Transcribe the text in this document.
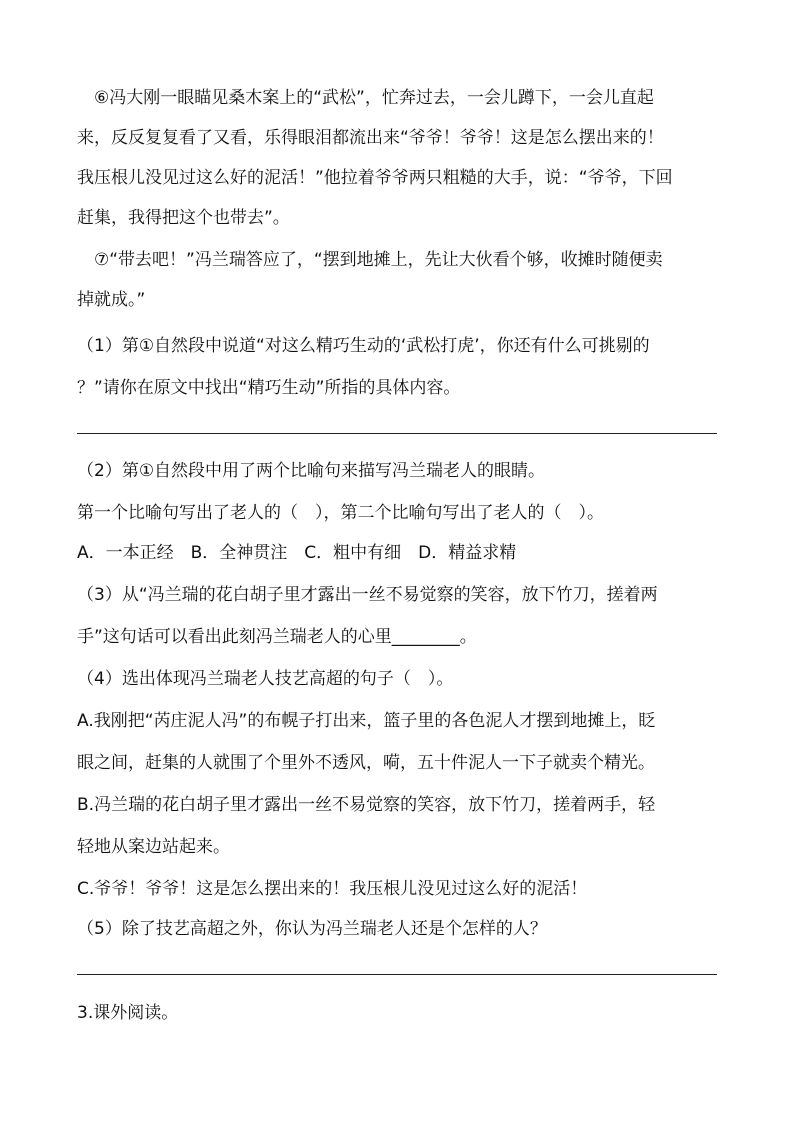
　⑥冯大刚一眼瞄见桑木案上的“武松”，忙奔过去，一会儿蹲下，一会儿直起
来，反反复复看了又看，乐得眼泪都流出来“爷爷！爷爷！这是怎么摆出来的！
我压根儿没见过这么好的泥活！”他拉着爷爷两只粗糙的大手，说：“爷爷，下回
赶集，我得把这个也带去”。
　⑦“带去吧！”冯兰瑞答应了，“摆到地摊上，先让大伙看个够，收摊时随便卖
掉就成。”
（1）第①自然段中说道“对这么精巧生动的‘武松打虎’，你还有什么可挑剔的
？”请你在原文中找出“精巧生动”所指的具体内容。
（2）第①自然段中用了两个比喻句来描写冯兰瑞老人的眼睛。
第一个比喻句写出了老人的（　），第二个比喻句写出了老人的（　）。
A．一本正经　B．全神贯注　C．粗中有细　D．精益求精
（3）从“冯兰瑞的花白胡子里才露出一丝不易觉察的笑容，放下竹刀，搓着两
手”这句话可以看出此刻冯兰瑞老人的心里________。
（4）选出体现冯兰瑞老人技艺高超的句子（　）。
A.我刚把“芮庄泥人冯”的布幌子打出来，篮子里的各色泥人才摆到地摊上，眨
眼之间，赶集的人就围了个里外不透风，嗬，五十件泥人一下子就卖个精光。
B.冯兰瑞的花白胡子里才露出一丝不易觉察的笑容，放下竹刀，搓着两手，轻
轻地从案边站起来。
C.爷爷！爷爷！这是怎么摆出来的！我压根儿没见过这么好的泥活！
（5）除了技艺高超之外，你认为冯兰瑞老人还是个怎样的人？
3.课外阅读。
